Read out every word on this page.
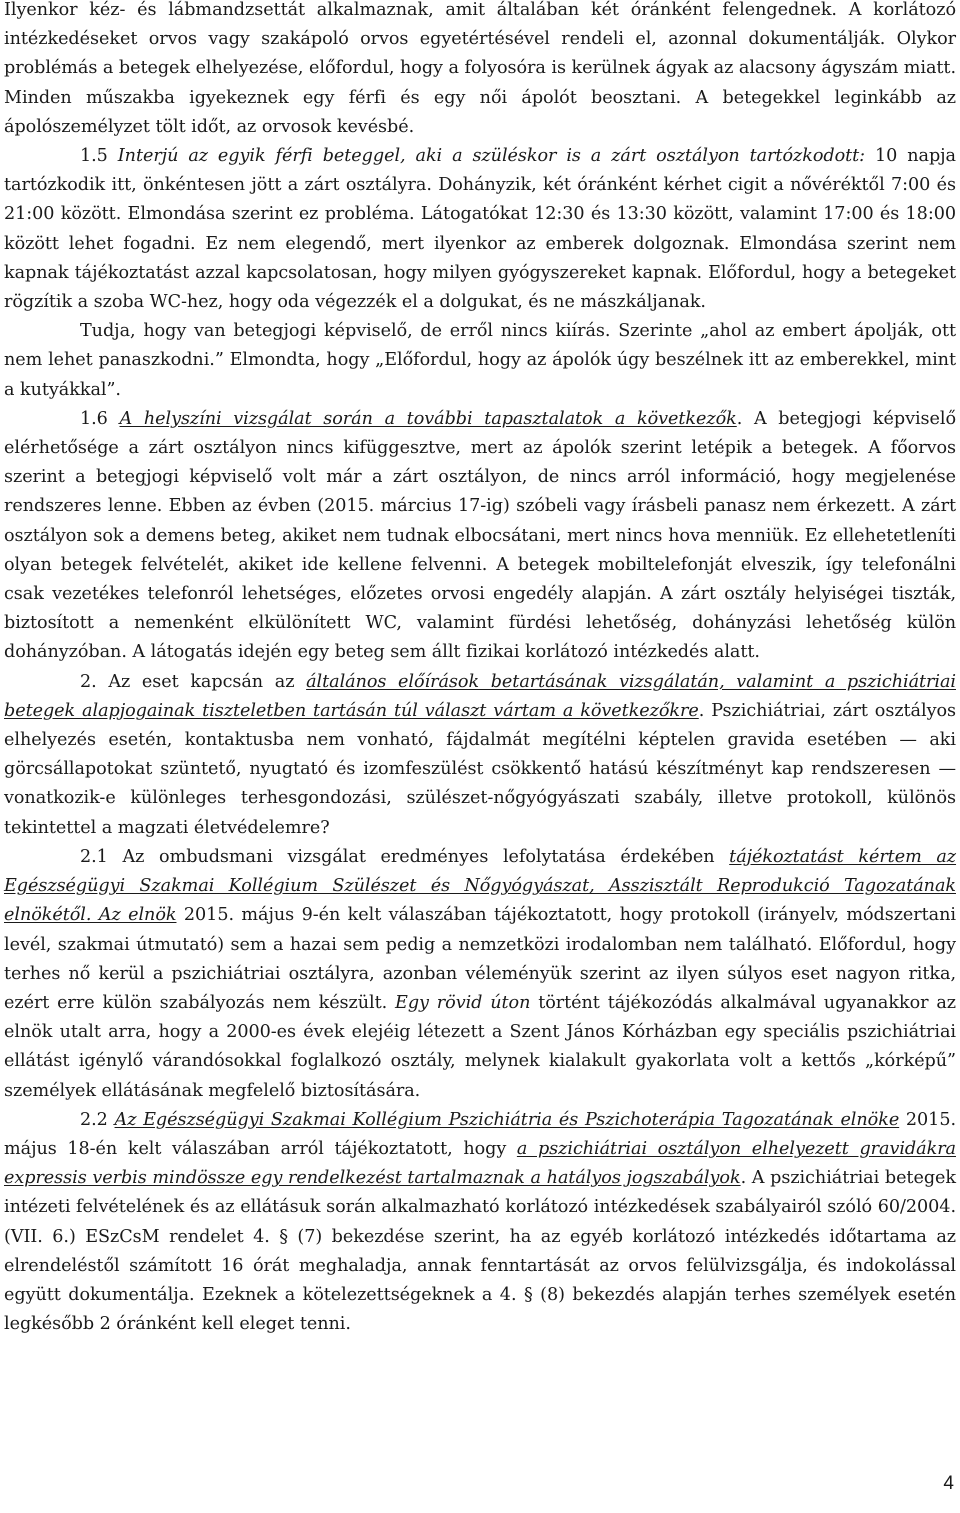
Ilyenkor kéz- és lábmandzsettát alkalmaznak, amit általában két óránként felengednek. A korlátozó intézkedéseket orvos vagy szakápoló orvos egyetértésével rendeli el, azonnal dokumentálják. Olykor problémás a betegek elhelyezése, előfordul, hogy a folyosóra is kerülnek ágyak az alacsony ágyszám miatt. Minden műszakba igyekeznek egy férfi és egy női ápolót beosztani. A betegekkel leginkább az ápolószemélyzet tölt időt, az orvosok kevésbé.

1.5 Interjú az egyik férfi beteggel, aki a szüléskor is a zárt osztályon tartózkodott: 10 napja tartózkodik itt, önkéntesen jött a zárt osztályra. Dohányzik, két óránként kérhet cigit a nővéréktől 7:00 és 21:00 között. Elmondása szerint ez probléma. Látogatókat 12:30 és 13:30 között, valamint 17:00 és 18:00 között lehet fogadni. Ez nem elegendő, mert ilyenkor az emberek dolgoznak. Elmondása szerint nem kapnak tájékoztatást azzal kapcsolatosan, hogy milyen gyógyszereket kapnak. Előfordul, hogy a betegeket rögzítik a szoba WC-hez, hogy oda végezzék el a dolgukat, és ne mászkáljanak.

Tudja, hogy van betegjogi képviselő, de erről nincs kiírás. Szerinte „ahol az embert ápolják, ott nem lehet panaszkodni.” Elmondta, hogy „Előfordul, hogy az ápolók úgy beszélnek itt az emberekkel, mint a kutyákkal”.

1.6 A helyszíni vizsgálat során a további tapasztalatok a következők. A betegjogi képviselő elérhetősége a zárt osztályon nincs kifüggesztve, mert az ápolók szerint letépik a betegek. A főorvos szerint a betegjogi képviselő volt már a zárt osztályon, de nincs arról információ, hogy megjelenése rendszeres lenne. Ebben az évben (2015. március 17-ig) szóbeli vagy írásbeli panasz nem érkezett. A zárt osztályon sok a demens beteg, akiket nem tudnak elbocsátani, mert nincs hova menniük. Ez ellehetetleníti olyan betegek felvételét, akiket ide kellene felvenni. A betegek mobiltelefonját elveszik, így telefonálni csak vezetékes telefonról lehetséges, előzetes orvosi engedély alapján. A zárt osztály helyiségei tiszták, biztosított a nemenként elkülönített WC, valamint fürdési lehetőség, dohányzási lehetőség külön dohányzóban. A látogatás idején egy beteg sem állt fizikai korlátozó intézkedés alatt.

2. Az eset kapcsán az általános előírások betartásának vizsgálatán, valamint a pszichiátriai betegek alapjogainak tiszteletben tartásán túl választ vártam a következőkre. Pszichiátriai, zárt osztályos elhelyezés esetén, kontaktusba nem vonható, fájdalmát megítélni képtelen gravida esetében — aki görcsállapotokat szüntető, nyugtató és izomfeszülést csökkentő hatású készítményt kap rendszeresen — vonatkozik-e különleges terhesgondozási, szülészet-nőgyógyászati szabály, illetve protokoll, különös tekintettel a magzati életvédelemre?

2.1 Az ombudsmani vizsgálat eredményes lefolytatása érdekében tájékoztatást kértem az Egészségügyi Szakmai Kollégium Szülészet és Nőgyógyászat, Asszisztált Reprodukció Tagozatának elnökétől. Az elnök 2015. május 9-én kelt válaszában tájékoztatott, hogy protokoll (irányelv, módszertani levél, szakmai útmutató) sem a hazai sem pedig a nemzetközi irodalomban nem található. Előfordul, hogy terhes nő kerül a pszichiátriai osztályra, azonban véleményük szerint az ilyen súlyos eset nagyon ritka, ezért erre külön szabályozás nem készült. Egy rövid úton történt tájékozódás alkalmával ugyanakkor az elnök utalt arra, hogy a 2000-es évek elejéig létezett a Szent János Kórházban egy speciális pszichiátriai ellátást igénylő várandósokkal foglalkozó osztály, melynek kialakult gyakorlata volt a kettős „kórképű” személyek ellátásának megfelelő biztosítására.

2.2 Az Egészségügyi Szakmai Kollégium Pszichiátria és Pszichoterápia Tagozatának elnöke 2015. május 18-én kelt válaszában arról tájékoztatott, hogy a pszichiátriai osztályon elhelyezett gravidákra expressis verbis mindössze egy rendelkezést tartalmaznak a hatályos jogszabályok. A pszichiátriai betegek intézeti felvételének és az ellátásuk során alkalmazható korlátozó intézkedések szabályairól szóló 60/2004. (VII. 6.) ESzCsM rendelet 4. § (7) bekezdése szerint, ha az egyéb korlátozó intézkedés időtartama az elrendeléstől számított 16 órát meghaladja, annak fenntartását az orvos felülvizsgálja, és indokolással együtt dokumentálja. Ezeknek a kötelezettségeknek a 4. § (8) bekezdés alapján terhes személyek esetén legkésőbb 2 óránként kell eleget tenni.

4
